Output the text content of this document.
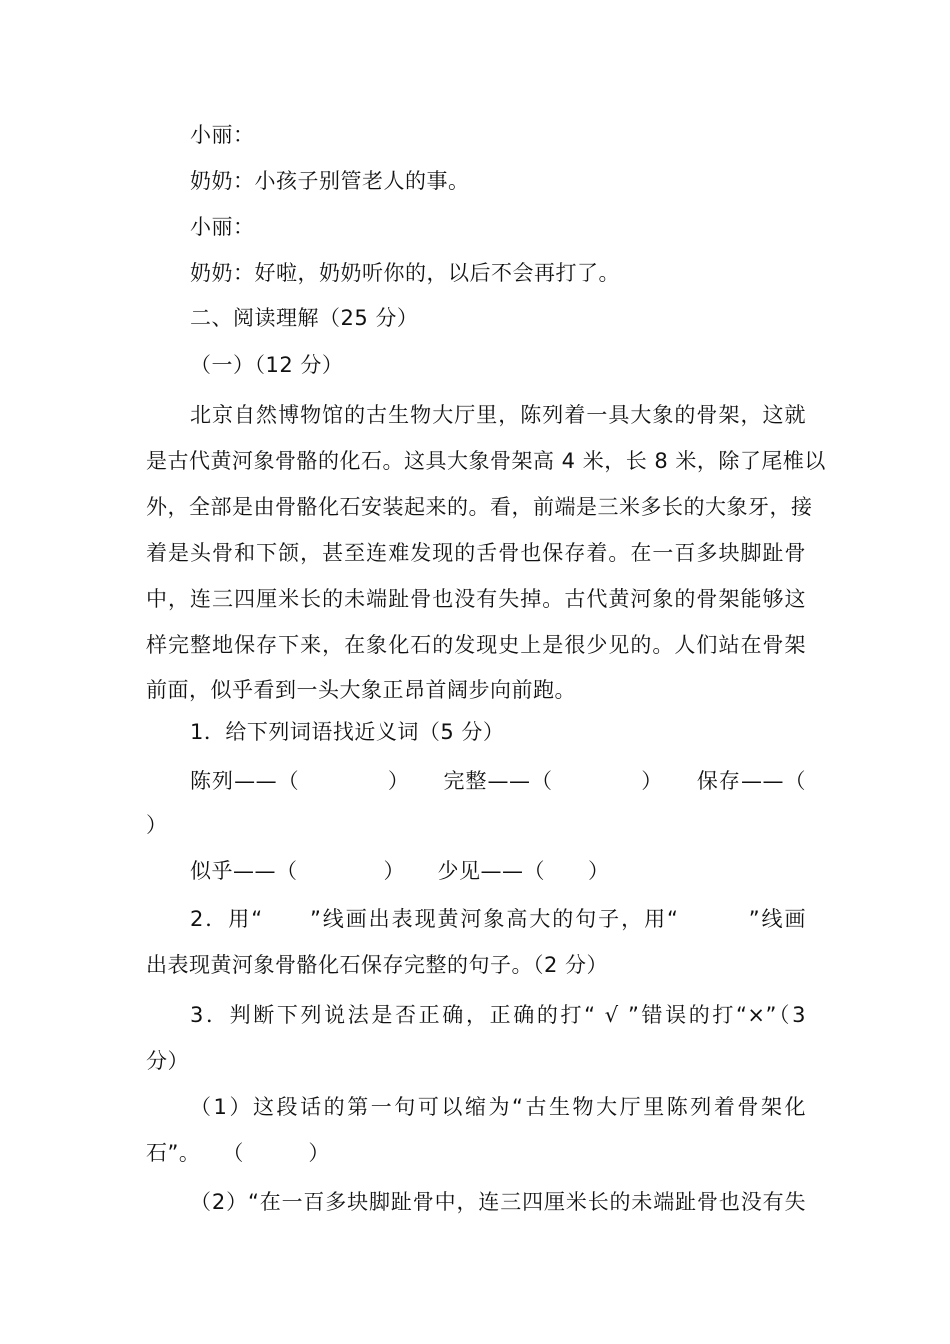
小丽：
奶奶：小孩子别管老人的事。
小丽：
奶奶：好啦，奶奶听你的，以后不会再打了。
二、阅读理解（25 分）
（一）（12 分）
北京自然博物馆的古生物大厅里，陈列着一具大象的骨架，这就
是古代黄河象骨骼的化石。这具大象骨架高 4 米，长 8 米，除了尾椎以
外，全部是由骨骼化石安装起来的。看，前端是三米多长的大象牙，接
着是头骨和下颌，甚至连难发现的舌骨也保存着。在一百多块脚趾骨
中，连三四厘米长的未端趾骨也没有失掉。古代黄河象的骨架能够这
样完整地保存下来，在象化石的发现史上是很少见的。人们站在骨架
前面，似乎看到一头大象正昂首阔步向前跑。
1．给下列词语找近义词（5 分）
陈列——（　　　　）　　完整——（　　　　）　　保存——（
）
似乎——（　　　　）　　少见——（　　）
2．用“　　”线画出表现黄河象高大的句子，用“　　　”线画
出表现黄河象骨骼化石保存完整的句子。（2 分）
3．判断下列说法是否正确，正确的打“ √ ”错误的打“×”（3
分）
（1）这段话的第一句可以缩为“古生物大厅里陈列着骨架化
石”。　　（　　　）
（2）“在一百多块脚趾骨中，连三四厘米长的未端趾骨也没有失
